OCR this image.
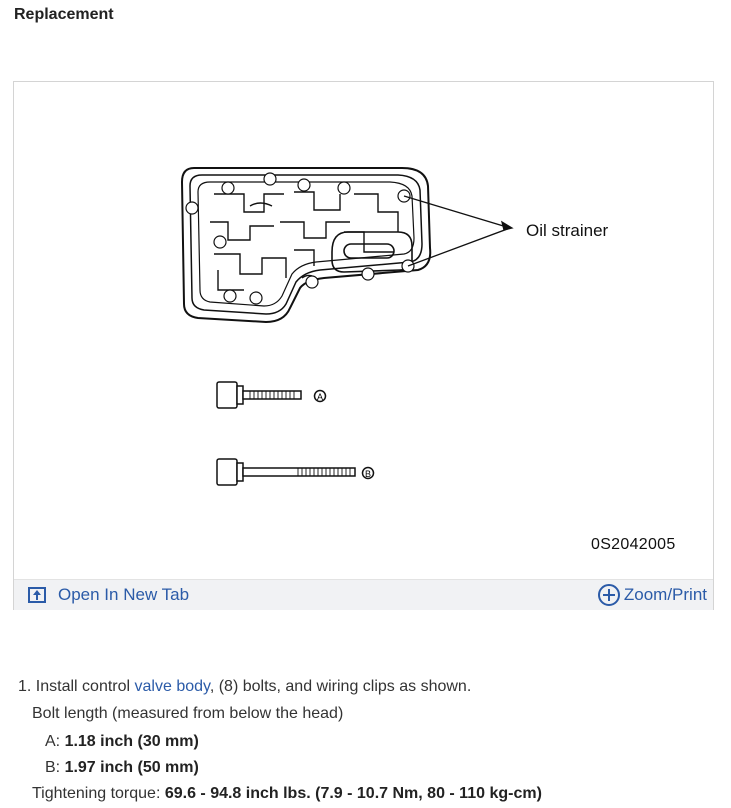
Replacement
A
B
Oil strainer
0S2042005
Open In New Tab	Zoom/Print
1. Install control valve body, (8) bolts, and wiring clips as shown.
Bolt length (measured from below the head)
A: 1.18 inch (30 mm)
B: 1.97 inch (50 mm)
Tightening torque: 69.6 - 94.8 inch lbs. (7.9 - 10.7 Nm, 80 - 110 kg-cm)
